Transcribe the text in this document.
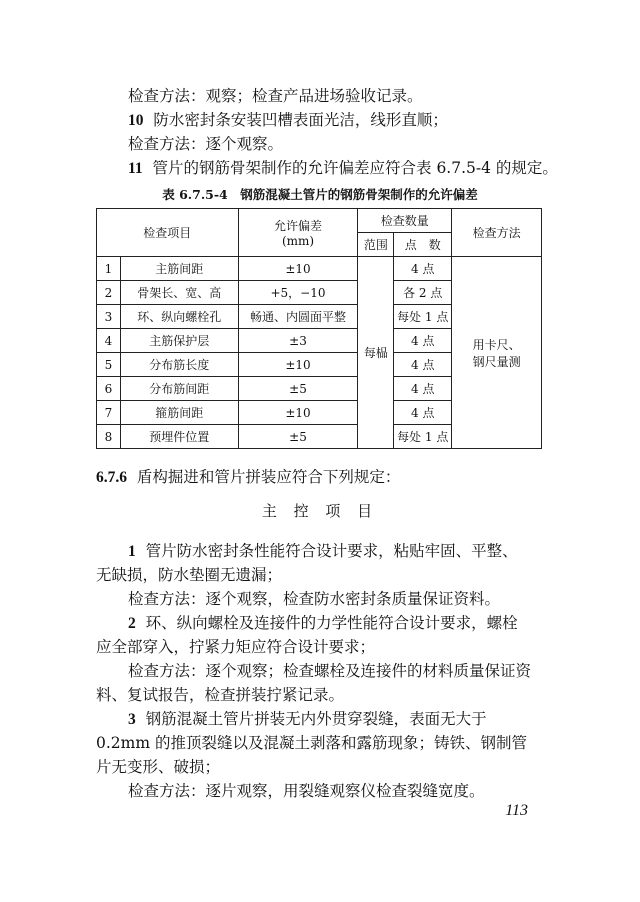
检查方法：观察；检查产品进场验收记录。

10 防水密封条安装凹槽表面光洁，线形直顺；

检查方法：逐个观察。

11 管片的钢筋骨架制作的允许偏差应符合表 6.7.5-4 的规定。

表 6.7.5-4　钢筋混凝土管片的钢筋骨架制作的允许偏差
检查项目		允许偏差
(mm)	检查数量		检查方法
			范围	点　数	
1	主筋间距	±10	每榀	4 点	用卡尺、
钢尺量测
2	骨架长、宽、高	+5，−10		各 2 点	
3	环、纵向螺栓孔	畅通、内圆面平整		每处 1 点	
4	主筋保护层	±3		4 点	
5	分布筋长度	±10		4 点	
6	分布筋间距	±5		4 点	
7	箍筋间距	±10		4 点	
8	预埋件位置	±5		每处 1 点	

6.7.6 盾构掘进和管片拼装应符合下列规定：

主 控 项 目

1 管片防水密封条性能符合设计要求，粘贴牢固、平整、

无缺损，防水垫圈无遗漏；

检查方法：逐个观察，检查防水密封条质量保证资料。

2 环、纵向螺栓及连接件的力学性能符合设计要求，螺栓

应全部穿入，拧紧力矩应符合设计要求；

检查方法：逐个观察；检查螺栓及连接件的材料质量保证资

料、复试报告，检查拼装拧紧记录。

3 钢筋混凝土管片拼装无内外贯穿裂缝，表面无大于

0.2mm 的推顶裂缝以及混凝土剥落和露筋现象；铸铁、钢制管

片无变形、破损；

检查方法：逐片观察，用裂缝观察仪检查裂缝宽度。

113
